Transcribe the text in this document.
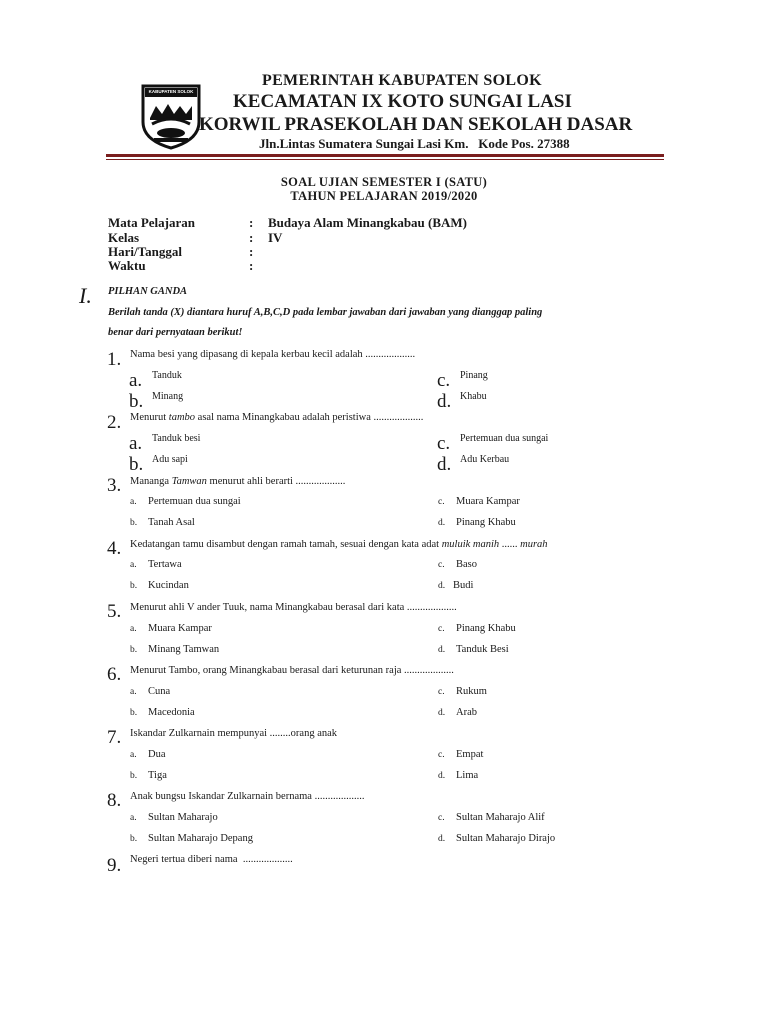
KABUPATEN SOLOK
PEMERINTAH KABUPATEN SOLOK
KECAMATAN IX KOTO SUNGAI LASI
KORWIL PRASEKOLAH DAN SEKOLAH DASAR
Jln.Lintas Sumatera Sungai Lasi Km.   Kode Pos. 27388
SOAL UJIAN SEMESTER I (SATU)
TAHUN PELAJARAN 2019/2020
Mata Pelajaran	: Budaya Alam Minangkabau (BAM)
Kelas	: IV
Hari/Tanggal	:
Waktu	:
I. PILHAN GANDA
Berilah tanda (X) diantara huruf A,B,C,D pada lembar jawaban dari jawaban yang dianggap paling
benar dari pernyataan berikut!
1. Nama besi yang dipasang di kepala kerbau kecil adalah ...................
a. Tanduk	c. Pinang
b. Minang	d. Khabu
2. Menurut tambo asal nama Minangkabau adalah peristiwa ...................
a. Tanduk besi	c. Pertemuan dua sungai
b. Adu sapi	d. Adu Kerbau
3. Mananga Tamwan menurut ahli berarti ...................
a. Pertemuan dua sungai	c. Muara Kampar
b. Tanah Asal	d. Pinang Khabu
4. Kedatangan tamu disambut dengan ramah tamah, sesuai dengan kata adat muluik manih ...... murah
a. Tertawa	c. Baso
b. Kucindan	d. Budi
5. Menurut ahli V ander Tuuk, nama Minangkabau berasal dari kata ...................
a. Muara Kampar	c. Pinang Khabu
b. Minang Tamwan	d. Tanduk Besi
6. Menurut Tambo, orang Minangkabau berasal dari keturunan raja ...................
a. Cuna	c. Rukum
b. Macedonia	d. Arab
7. Iskandar Zulkarnain mempunyai ........orang anak
a. Dua	c. Empat
b. Tiga	d. Lima
8. Anak bungsu Iskandar Zulkarnain bernama ...................
a. Sultan Maharajo	c. Sultan Maharajo Alif
b. Sultan Maharajo Depang	d. Sultan Maharajo Dirajo
9. Negeri tertua diberi nama  ...................
